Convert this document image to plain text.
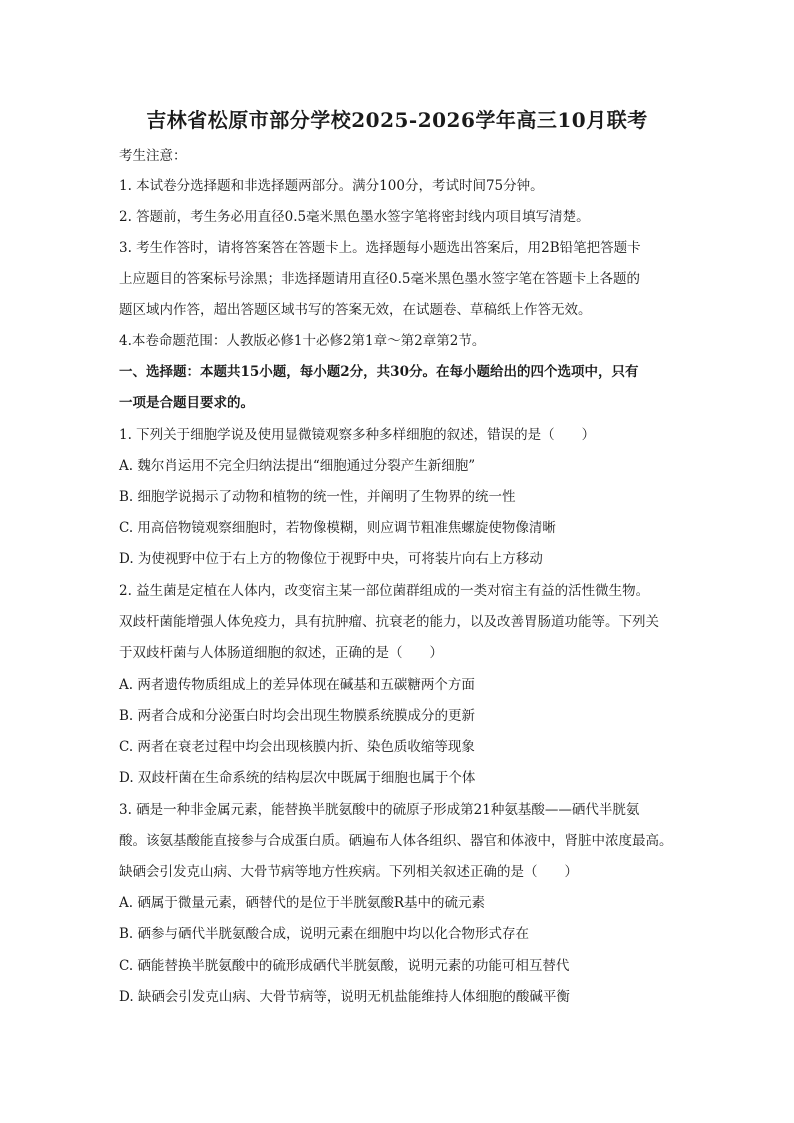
吉林省松原市部分学校2025-2026学年高三10月联考
考生注意：
1. 本试卷分选择题和非选择题两部分。满分100分，考试时间75分钟。
2. 答题前，考生务必用直径0.5毫米黑色墨水签字笔将密封线内项目填写清楚。
3. 考生作答时，请将答案答在答题卡上。选择题每小题选出答案后，用2B铅笔把答题卡
上应题目的答案标号涂黑；非选择题请用直径0.5毫米黑色墨水签字笔在答题卡上各题的
题区域内作答，超出答题区域书写的答案无效，在试题卷、草稿纸上作答无效。
4.本卷命题范围：人教版必修1十必修2第1章～第2章第2节。
一、选择题：本题共15小题，每小题2分，共30分。在每小题给出的四个选项中，只有
一项是合题目要求的。
1. 下列关于细胞学说及使用显微镜观察多种多样细胞的叙述，错误的是（　　）
A. 魏尔肖运用不完全归纳法提出“细胞通过分裂产生新细胞”
B. 细胞学说揭示了动物和植物的统一性，并阐明了生物界的统一性
C. 用高倍物镜观察细胞时，若物像模糊，则应调节粗准焦螺旋使物像清晰
D. 为使视野中位于右上方的物像位于视野中央，可将装片向右上方移动
2. 益生菌是定植在人体内，改变宿主某一部位菌群组成的一类对宿主有益的活性微生物。
双歧杆菌能增强人体免疫力，具有抗肿瘤、抗衰老的能力，以及改善胃肠道功能等。下列关
于双歧杆菌与人体肠道细胞的叙述，正确的是（　　）
A. 两者遗传物质组成上的差异体现在碱基和五碳糖两个方面
B. 两者合成和分泌蛋白时均会出现生物膜系统膜成分的更新
C. 两者在衰老过程中均会出现核膜内折、染色质收缩等现象
D. 双歧杆菌在生命系统的结构层次中既属于细胞也属于个体
3. 硒是一种非金属元素，能替换半胱氨酸中的硫原子形成第21种氨基酸——硒代半胱氨
酸。该氨基酸能直接参与合成蛋白质。硒遍布人体各组织、器官和体液中，肾脏中浓度最高。
缺硒会引发克山病、大骨节病等地方性疾病。下列相关叙述正确的是（　　）
A. 硒属于微量元素，硒替代的是位于半胱氨酸R基中的硫元素
B. 硒参与硒代半胱氨酸合成，说明元素在细胞中均以化合物形式存在
C. 硒能替换半胱氨酸中的硫形成硒代半胱氨酸，说明元素的功能可相互替代
D. 缺硒会引发克山病、大骨节病等，说明无机盐能维持人体细胞的酸碱平衡
